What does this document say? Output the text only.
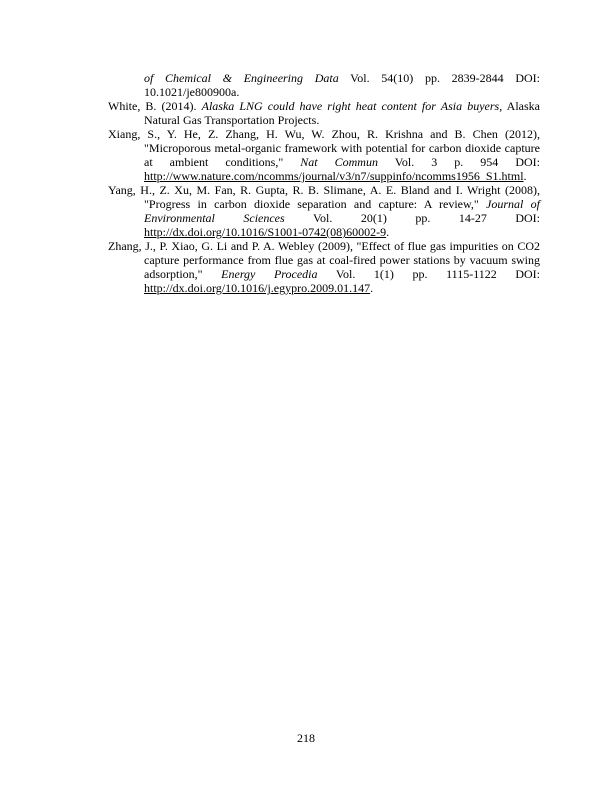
of Chemical & Engineering Data Vol. 54(10) pp. 2839-2844 DOI: 10.1021/je800900a.

White, B. (2014). Alaska LNG could have right heat content for Asia buyers, Alaska Natural Gas Transportation Projects.

Xiang, S., Y. He, Z. Zhang, H. Wu, W. Zhou, R. Krishna and B. Chen (2012), "Microporous metal-organic framework with potential for carbon dioxide capture at ambient conditions," Nat Commun Vol. 3 p. 954 DOI: http://www.nature.com/ncomms/journal/v3/n7/suppinfo/ncomms1956_S1.html.

Yang, H., Z. Xu, M. Fan, R. Gupta, R. B. Slimane, A. E. Bland and I. Wright (2008), "Progress in carbon dioxide separation and capture: A review," Journal of Environmental Sciences Vol. 20(1) pp. 14-27 DOI: http://dx.doi.org/10.1016/S1001-0742(08)60002-9.

Zhang, J., P. Xiao, G. Li and P. A. Webley (2009), "Effect of flue gas impurities on CO2 capture performance from flue gas at coal-fired power stations by vacuum swing adsorption," Energy Procedia Vol. 1(1) pp. 1115-1122 DOI: http://dx.doi.org/10.1016/j.egypro.2009.01.147.

218
